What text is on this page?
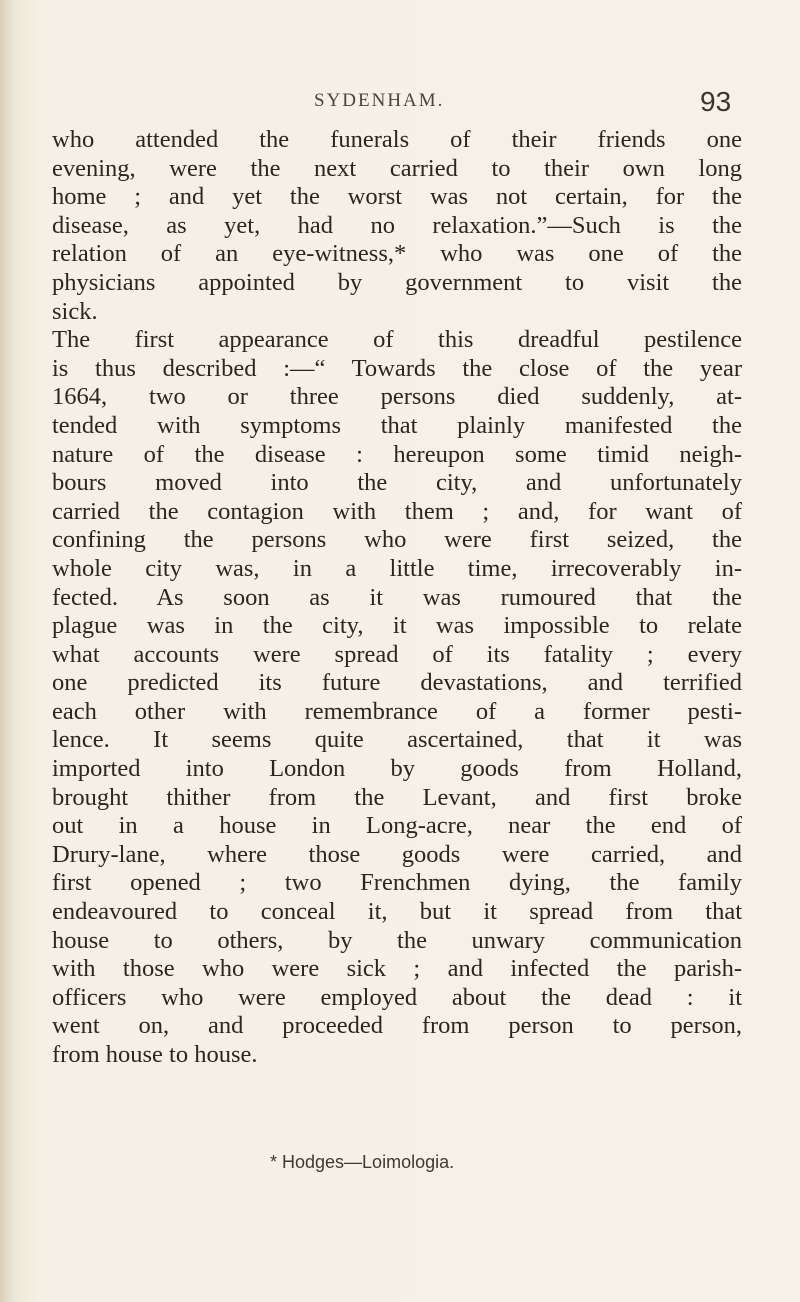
SYDENHAM.	93
who attended the funerals of their friends one
evening, were the next carried to their own long
home ; and yet the worst was not certain, for the
disease, as yet, had no relaxation.”—Such is the
relation of an eye-witness,* who was one of the
physicians appointed by government to visit the
sick.
The first appearance of this dreadful pestilence
is thus described :—“ Towards the close of the year
1664, two or three persons died suddenly, at-
tended with symptoms that plainly manifested the
nature of the disease : hereupon some timid neigh-
bours moved into the city, and unfortunately
carried the contagion with them ; and, for want of
confining the persons who were first seized, the
whole city was, in a little time, irrecoverably in-
fected. As soon as it was rumoured that the
plague was in the city, it was impossible to relate
what accounts were spread of its fatality ; every
one predicted its future devastations, and terrified
each other with remembrance of a former pesti-
lence. It seems quite ascertained, that it was
imported into London by goods from Holland,
brought thither from the Levant, and first broke
out in a house in Long-acre, near the end of
Drury-lane, where those goods were carried, and
first opened ; two Frenchmen dying, the family
endeavoured to conceal it, but it spread from that
house to others, by the unwary communication
with those who were sick ; and infected the parish-
officers who were employed about the dead : it
went on, and proceeded from person to person,
from house to house.
* Hodges—Loimologia.
